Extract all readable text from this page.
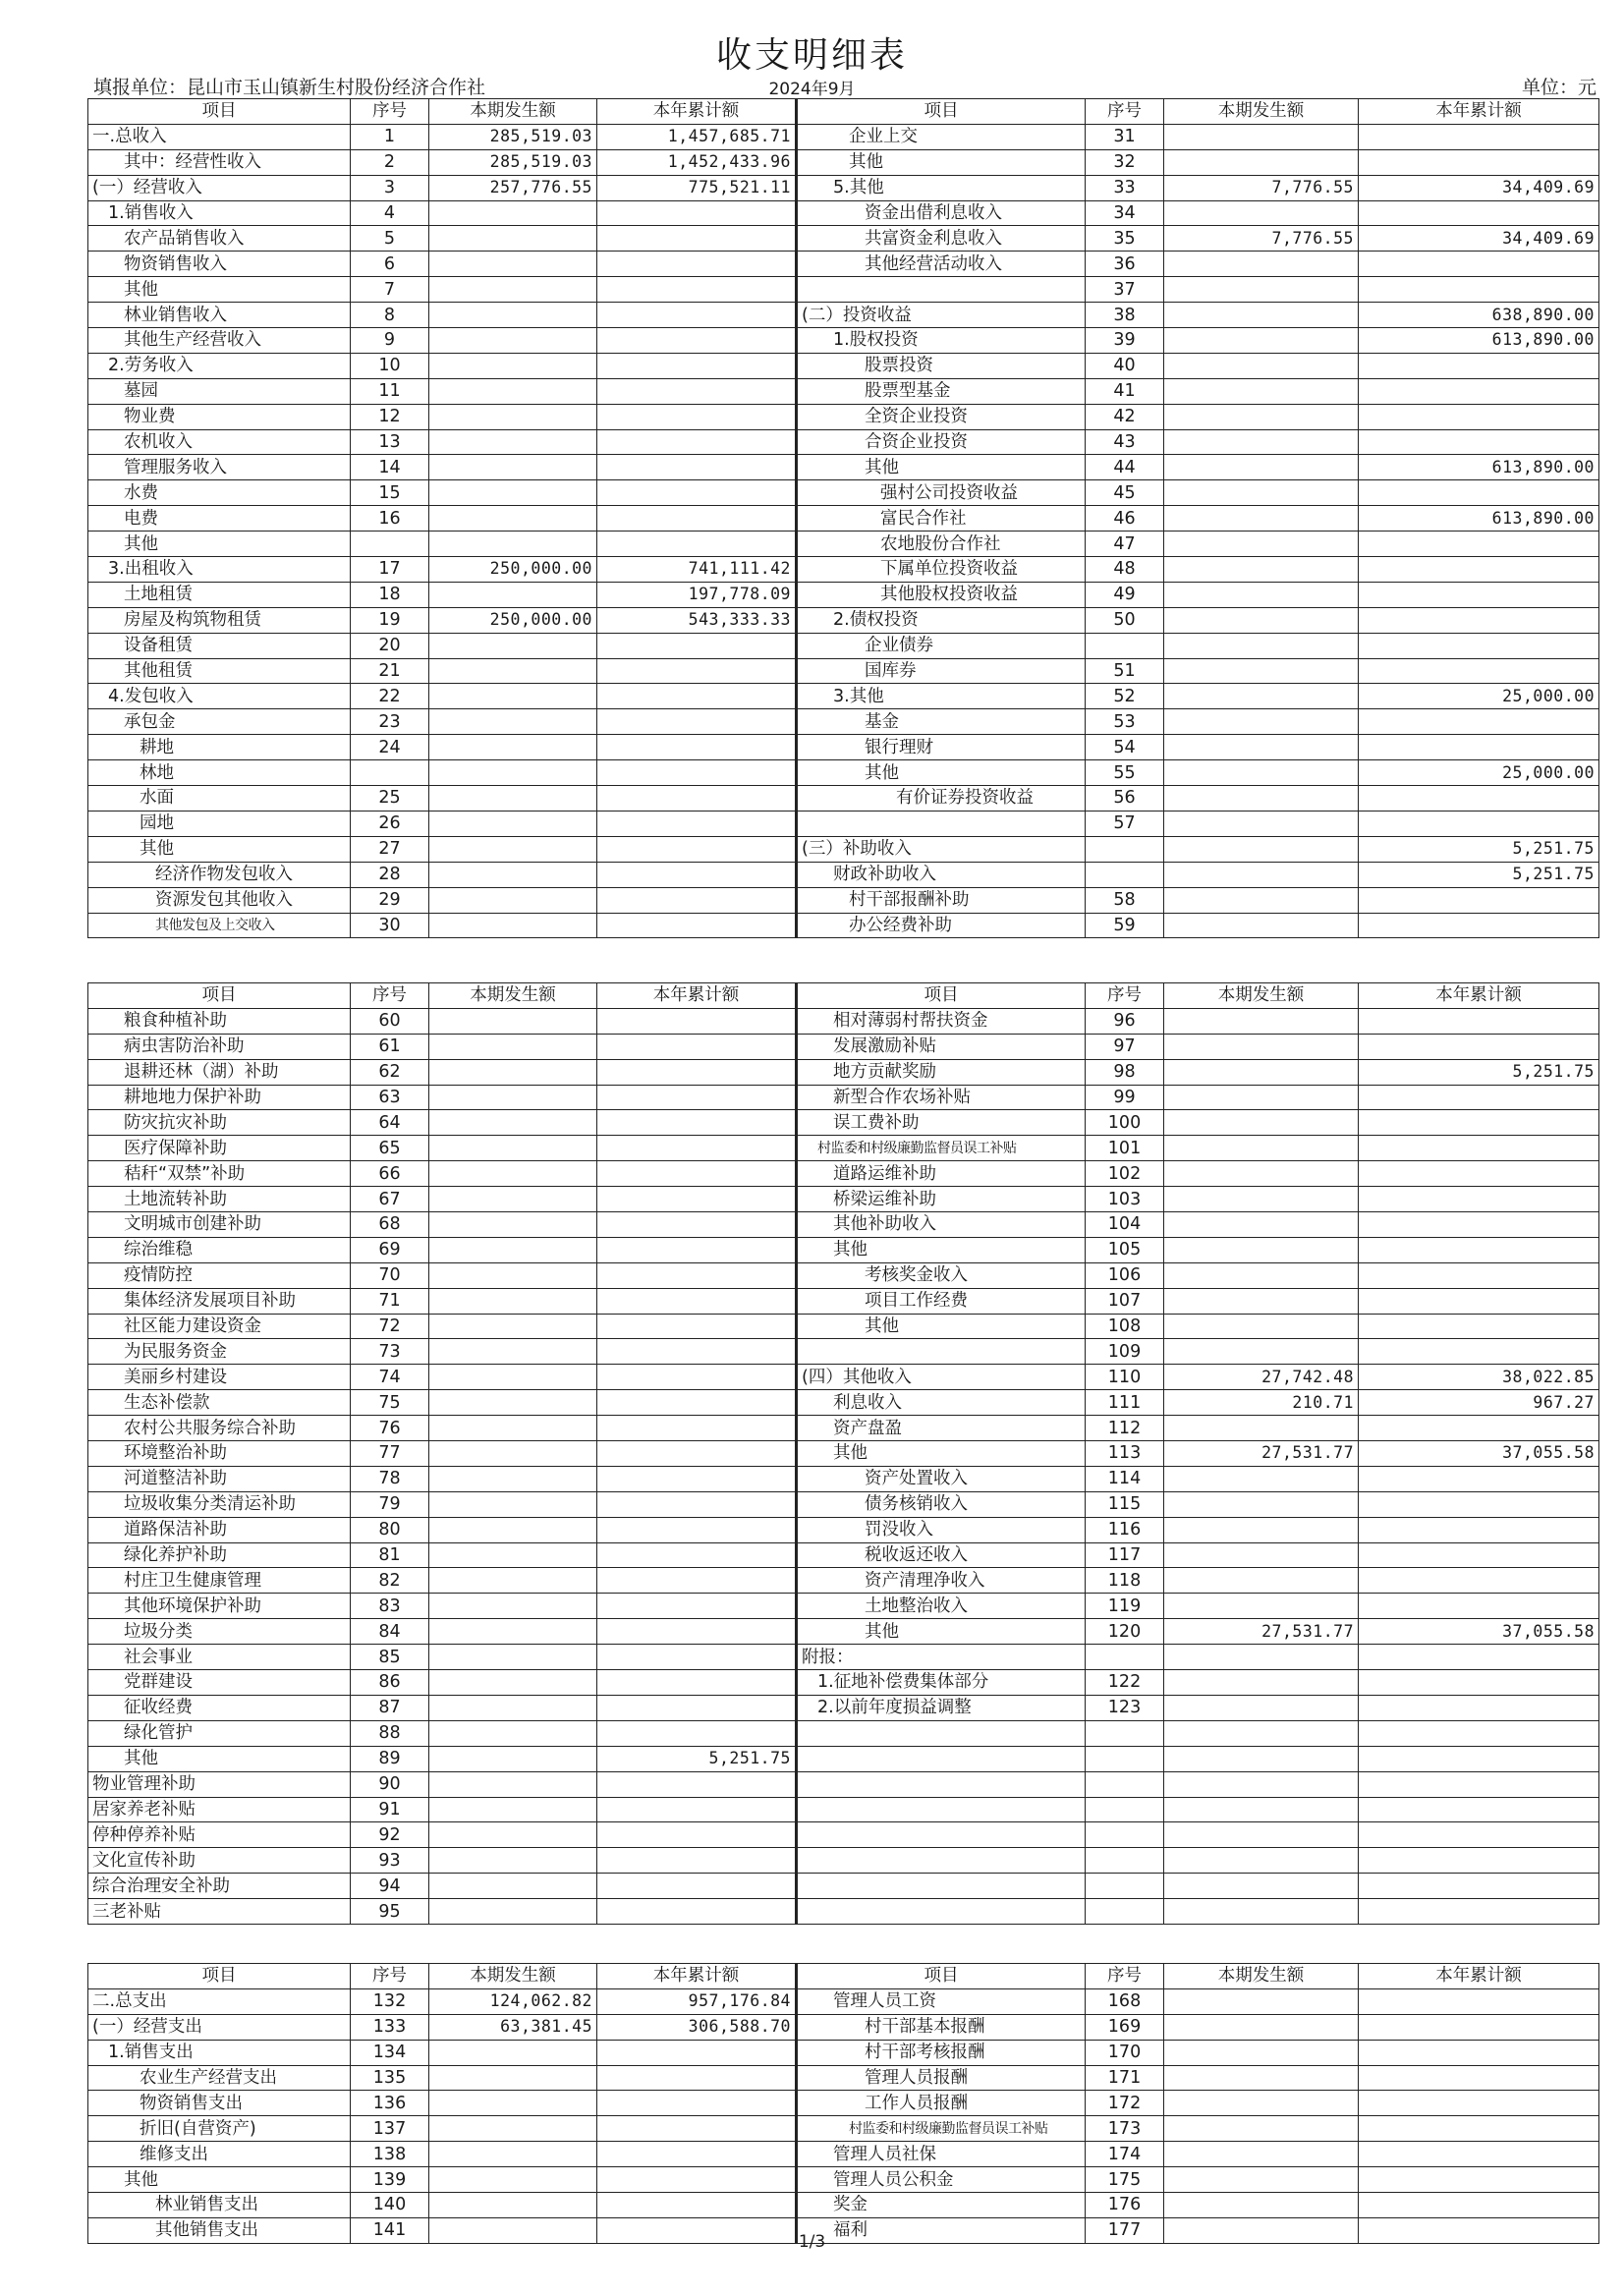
收支明细表
填报单位：昆山市玉山镇新生村股份经济合作社	2024年9月	单位：元
项目	序号	本期发生额	本年累计额	项目	序号	本期发生额	本年累计额
一.总收入	1	285,519.03	1,457,685.71	企业上交	31		
其中：经营性收入	2	285,519.03	1,452,433.96	其他	32		
(一）经营收入	3	257,776.55	775,521.11	5.其他	33	7,776.55	34,409.69
1.销售收入	4			资金出借利息收入	34		
农产品销售收入	5			共富资金利息收入	35	7,776.55	34,409.69
物资销售收入	6			其他经营活动收入	36		
其他	7				37		
林业销售收入	8			(二）投资收益	38		638,890.00
其他生产经营收入	9			1.股权投资	39		613,890.00
2.劳务收入	10			股票投资	40		
墓园	11			股票型基金	41		
物业费	12			全资企业投资	42		
农机收入	13			合资企业投资	43		
管理服务收入	14			其他	44		613,890.00
水费	15			强村公司投资收益	45		
电费	16			富民合作社	46		613,890.00
其他				农地股份合作社	47		
3.出租收入	17	250,000.00	741,111.42	下属单位投资收益	48		
土地租赁	18		197,778.09	其他股权投资收益	49		
房屋及构筑物租赁	19	250,000.00	543,333.33	2.债权投资	50		
设备租赁	20			企业债券			
其他租赁	21			国库券	51		
4.发包收入	22			3.其他	52		25,000.00
承包金	23			基金	53		
耕地	24			银行理财	54		
林地				其他	55		25,000.00
水面	25			有价证券投资收益	56		
园地	26				57		
其他	27			(三）补助收入			5,251.75
经济作物发包收入	28			财政补助收入			5,251.75
资源发包其他收入	29			村干部报酬补助	58		
其他发包及上交收入	30			办公经费补助	59		
项目	序号	本期发生额	本年累计额	项目	序号	本期发生额	本年累计额
粮食种植补助	60			相对薄弱村帮扶资金	96		
病虫害防治补助	61			发展激励补贴	97		
退耕还林（湖）补助	62			地方贡献奖励	98		5,251.75
耕地地力保护补助	63			新型合作农场补贴	99		
防灾抗灾补助	64			误工费补助	100		
医疗保障补助	65			村监委和村级廉勤监督员误工补贴	101		
秸秆“双禁”补助	66			道路运维补助	102		
土地流转补助	67			桥梁运维补助	103		
文明城市创建补助	68			其他补助收入	104		
综治维稳	69			其他	105		
疫情防控	70			考核奖金收入	106		
集体经济发展项目补助	71			项目工作经费	107		
社区能力建设资金	72			其他	108		
为民服务资金	73				109		
美丽乡村建设	74			(四）其他收入	110	27,742.48	38,022.85
生态补偿款	75			利息收入	111	210.71	967.27
农村公共服务综合补助	76			资产盘盈	112		
环境整治补助	77			其他	113	27,531.77	37,055.58
河道整洁补助	78			资产处置收入	114		
垃圾收集分类清运补助	79			债务核销收入	115		
道路保洁补助	80			罚没收入	116		
绿化养护补助	81			税收返还收入	117		
村庄卫生健康管理	82			资产清理净收入	118		
其他环境保护补助	83			土地整治收入	119		
垃圾分类	84			其他	120	27,531.77	37,055.58
社会事业	85			附报：			
党群建设	86			1.征地补偿费集体部分	122		
征收经费	87			2.以前年度损益调整	123		
绿化管护	88						
其他	89		5,251.75				
物业管理补助	90						
居家养老补贴	91						
停种停养补贴	92						
文化宣传补助	93						
综合治理安全补助	94						
三老补贴	95						
项目	序号	本期发生额	本年累计额	项目	序号	本期发生额	本年累计额
二.总支出	132	124,062.82	957,176.84	管理人员工资	168		
(一）经营支出	133	63,381.45	306,588.70	村干部基本报酬	169		
1.销售支出	134			村干部考核报酬	170		
农业生产经营支出	135			管理人员报酬	171		
物资销售支出	136			工作人员报酬	172		
折旧(自营资产)	137			村监委和村级廉勤监督员误工补贴	173		
维修支出	138			管理人员社保	174		
其他	139			管理人员公积金	175		
林业销售支出	140			奖金	176		
其他销售支出	141			福利	177		
1/3
